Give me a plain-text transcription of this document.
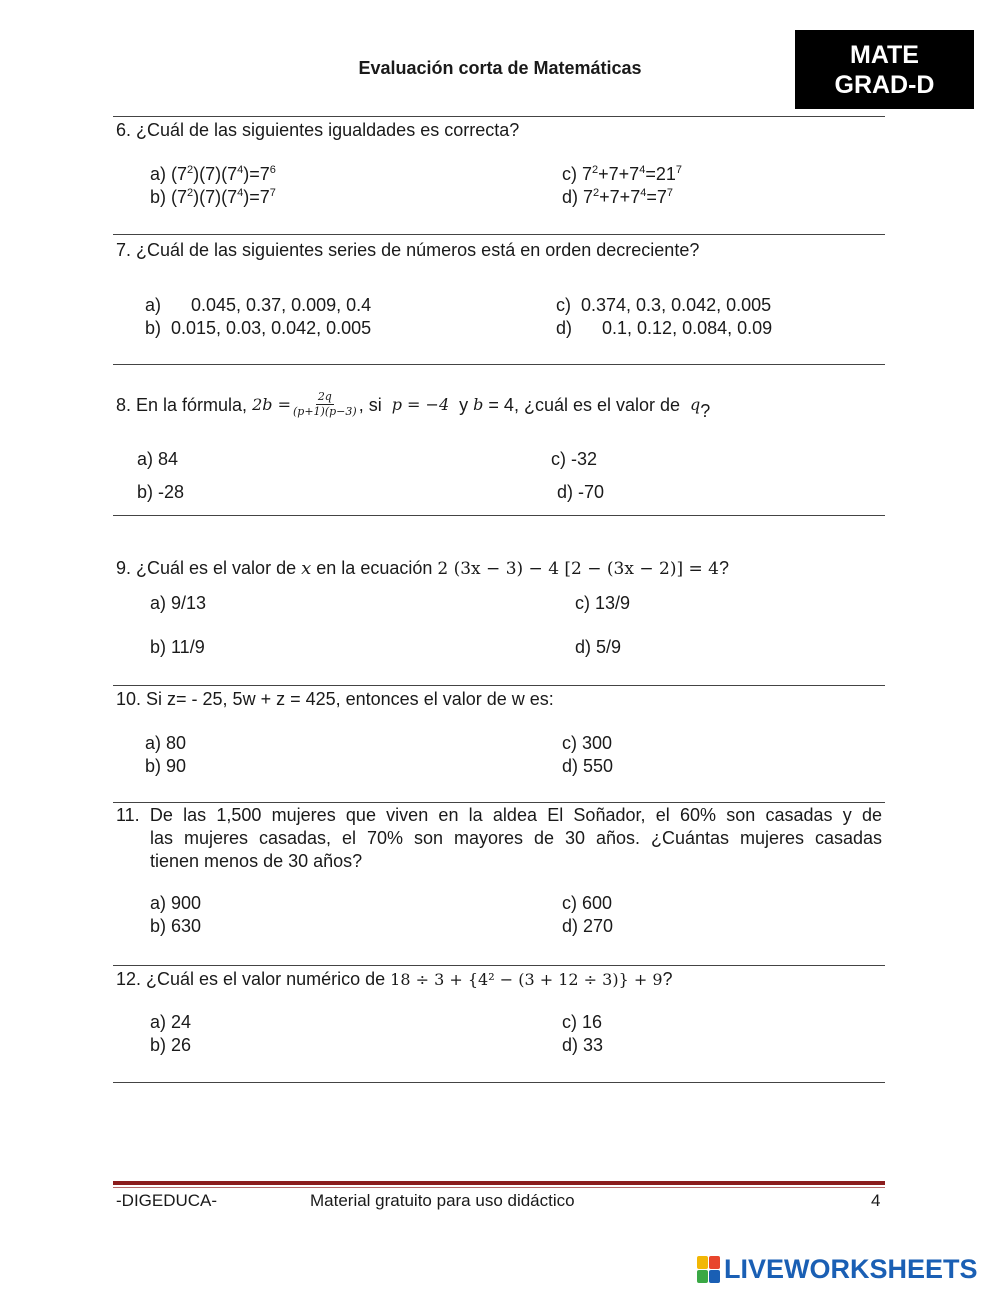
Evaluación corta de Matemáticas	MATE
GRAD-D
6. ¿Cuál de las siguientes igualdades es correcta?
a) $(7^2)(7)(7^4)=7^6$
b) $(7^2)(7)(7^4)=7^7$
c) $7^2+7+7^4=21^7$
d) $7^2+7+7^4=7^7$
7. ¿Cuál de las siguientes series de números está en orden decreciente?
a)      0.045, 0.37, 0.009, 0.4
b)  0.015, 0.03, 0.042, 0.005
c)  0.374, 0.3, 0.042, 0.005
d)      0.1, 0.12, 0.084, 0.09
8. En la fórmula,
$2b = \frac{2q}{(p+1)(p-3)}$ , si
p = −4
y
b
= 4, ¿cuál es el valor de
q ?
a) 84
b) -28
c) -32
d) -70
9. ¿Cuál es el valor de x en la ecuación 2 (3x − 3) − 4 [2 − (3x − 2)] = 4?
a) 9/13
b) 11/9
c) 13/9
d) 5/9
10. Si z= - 25, 5w + z = 425, entonces el valor de w es:
a) 80
b) 90
c) 300
d) 550
11. De las 1,500 mujeres que viven en la aldea El Soñador, el 60% son casadas y de
las mujeres casadas, el 70% son mayores de 30 años. ¿Cuántas mujeres casadas
tienen menos de 30 años?
a) 900
b) 630
c) 600
d) 270
12. ¿Cuál es el valor numérico de 18 ÷ 3 + {4² − (3 + 12 ÷ 3)} + 9?
a) 24
b) 26
c) 16
d) 33
-DIGEDUCA-	Material gratuito para uso didáctico	4
LIVEWORKSHEETS
